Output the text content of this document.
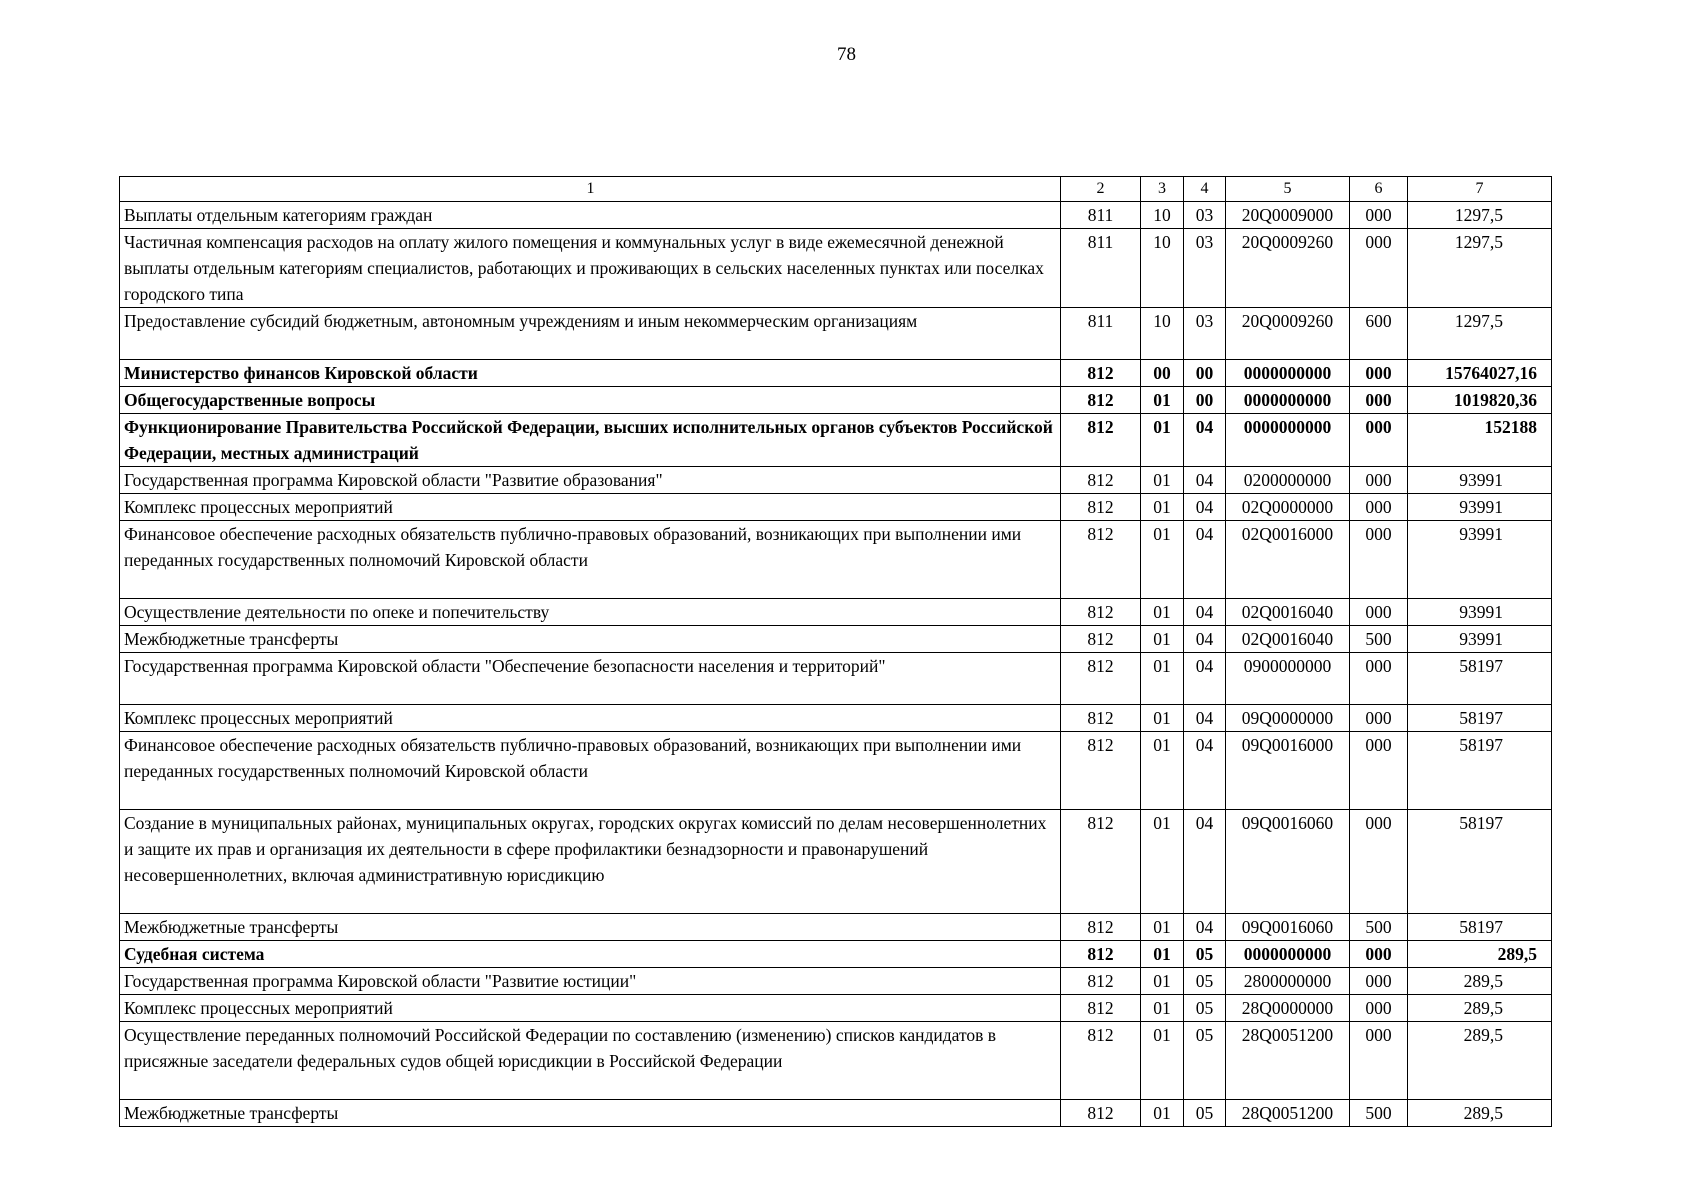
78
1	2	3	4	5	6	7
Выплаты отдельным категориям граждан	811	10	03	20Q0009000	000	1297,5
Частичная компенсация расходов на оплату жилого помещения и коммунальных услуг в виде ежемесячной денежной выплаты отдельным категориям специалистов, работающих и проживающих в сельских населенных пунктах или поселках городского типа	811	10	03	20Q0009260	000	1297,5
Предоставление субсидий бюджетным, автономным учреждениям и иным некоммерческим организациям	811	10	03	20Q0009260	600	1297,5
Министерство финансов Кировской области	812	00	00	0000000000	000	15764027,16
Общегосударственные вопросы	812	01	00	0000000000	000	1019820,36
Функционирование Правительства Российской Федерации, высших исполнительных органов субъектов Российской Федерации, местных администраций	812	01	04	0000000000	000	152188
Государственная программа Кировской области "Развитие образования"	812	01	04	0200000000	000	93991
Комплекс процессных мероприятий	812	01	04	02Q0000000	000	93991
Финансовое обеспечение расходных обязательств публично-правовых образований, возникающих при выполнении ими переданных государственных полномочий Кировской области	812	01	04	02Q0016000	000	93991
Осуществление деятельности по опеке и попечительству	812	01	04	02Q0016040	000	93991
Межбюджетные трансферты	812	01	04	02Q0016040	500	93991
Государственная программа Кировской области "Обеспечение безопасности населения и территорий"	812	01	04	0900000000	000	58197
Комплекс процессных мероприятий	812	01	04	09Q0000000	000	58197
Финансовое обеспечение расходных обязательств публично-правовых образований, возникающих при выполнении ими переданных государственных полномочий Кировской области	812	01	04	09Q0016000	000	58197
Создание в муниципальных районах, муниципальных округах, городских округах комиссий по делам несовершеннолетних и защите их прав и организация их деятельности в сфере профилактики безнадзорности и правонарушений несовершеннолетних, включая административную юрисдикцию	812	01	04	09Q0016060	000	58197
Межбюджетные трансферты	812	01	04	09Q0016060	500	58197
Судебная система	812	01	05	0000000000	000	289,5
Государственная программа Кировской области "Развитие юстиции"	812	01	05	2800000000	000	289,5
Комплекс процессных мероприятий	812	01	05	28Q0000000	000	289,5
Осуществление переданных полномочий Российской Федерации по составлению (изменению) списков кандидатов в присяжные заседатели федеральных судов общей юрисдикции в Российской Федерации	812	01	05	28Q0051200	000	289,5
Межбюджетные трансферты	812	01	05	28Q0051200	500	289,5
